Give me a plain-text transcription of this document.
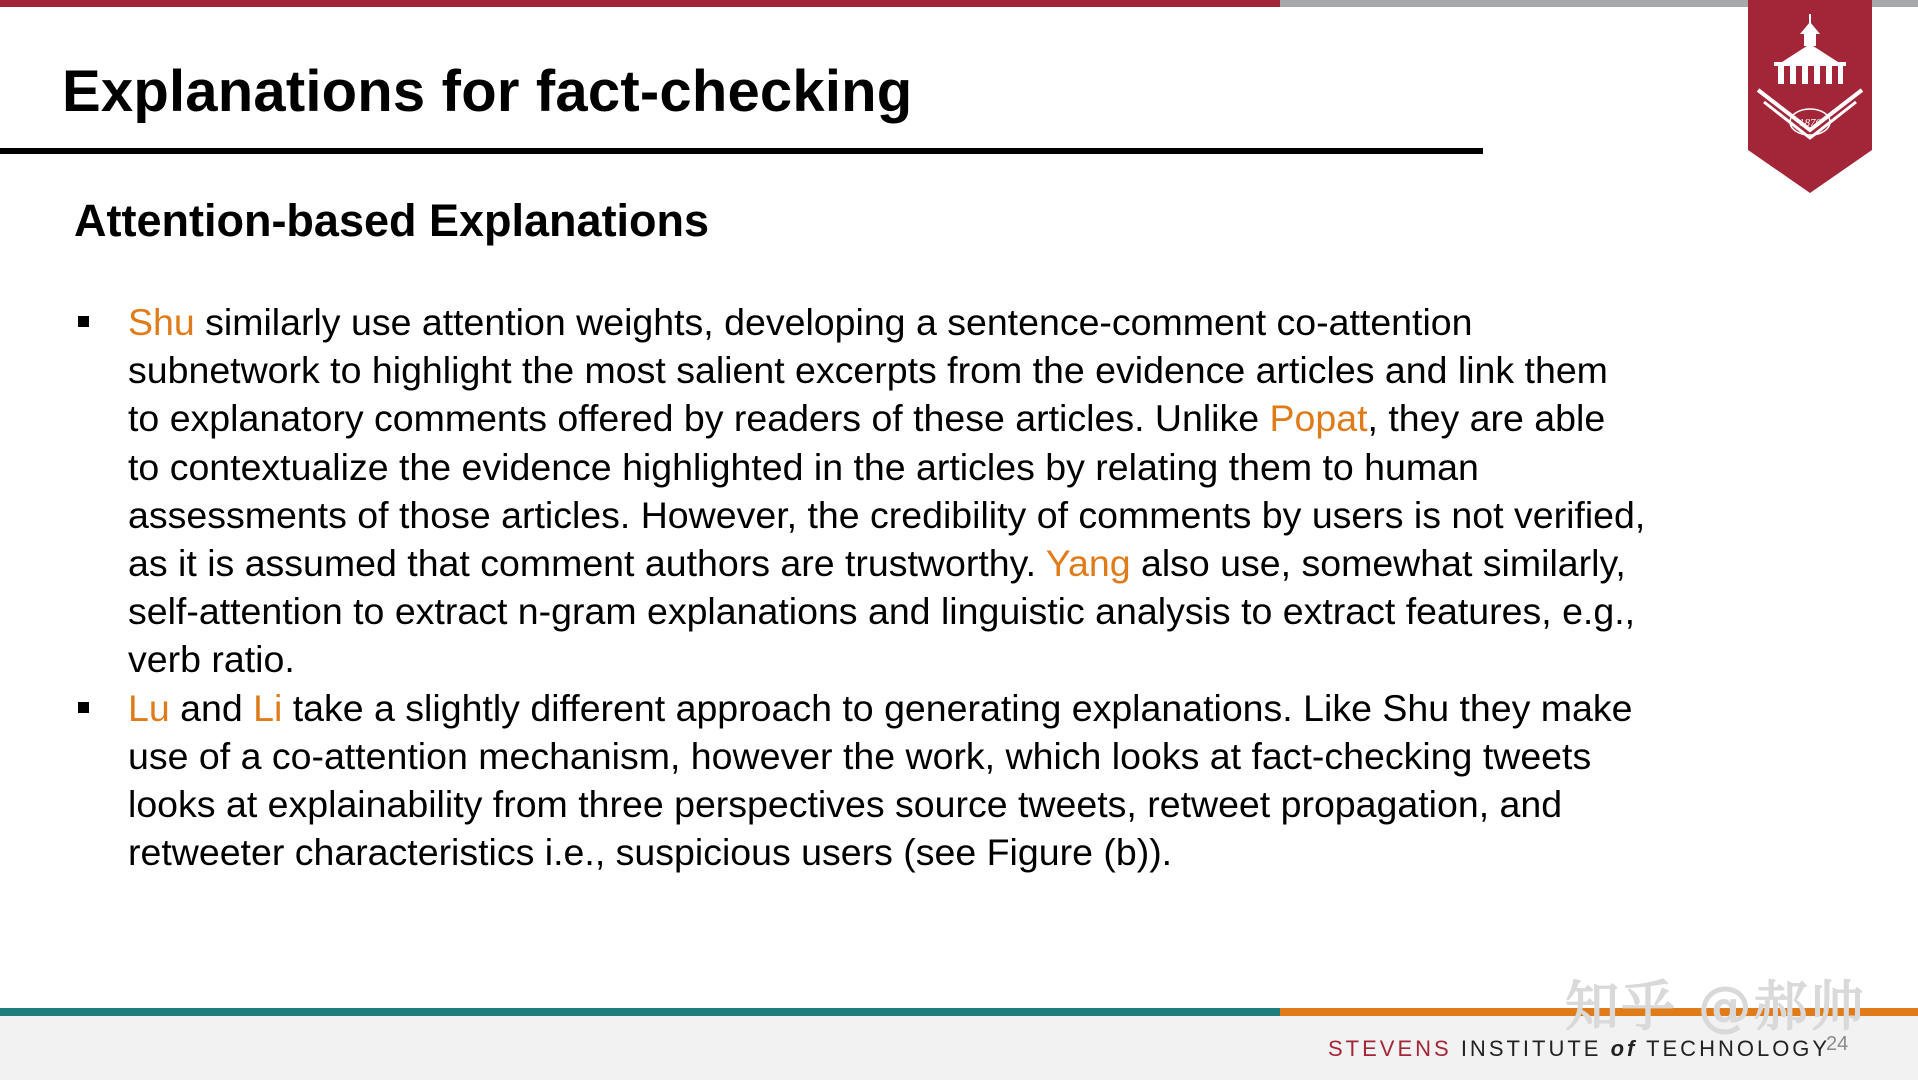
Explanations for fact-checking	1870
Attention-based Explanations
Shu similarly use attention weights, developing a sentence-comment co-attention
subnetwork to highlight the most salient excerpts from the evidence articles and link them
to explanatory comments offered by readers of these articles. Unlike Popat, they are able
to contextualize the evidence highlighted in the articles by relating them to human
assessments of those articles. However, the credibility of comments by users is not verified,
as it is assumed that comment authors are trustworthy. Yang also use, somewhat similarly,
self-attention to extract n-gram explanations and linguistic analysis to extract features, e.g.,
verb ratio.
Lu and Li take a slightly different approach to generating explanations. Like Shu they make
use of a co-attention mechanism, however the work, which looks at fact-checking tweets
looks at explainability from three perspectives source tweets, retweet propagation, and
retweeter characteristics i.e., suspicious users (see Figure (b)).
知乎 @郝帅
STEVENS INSTITUTE of TECHNOLOGY
24
